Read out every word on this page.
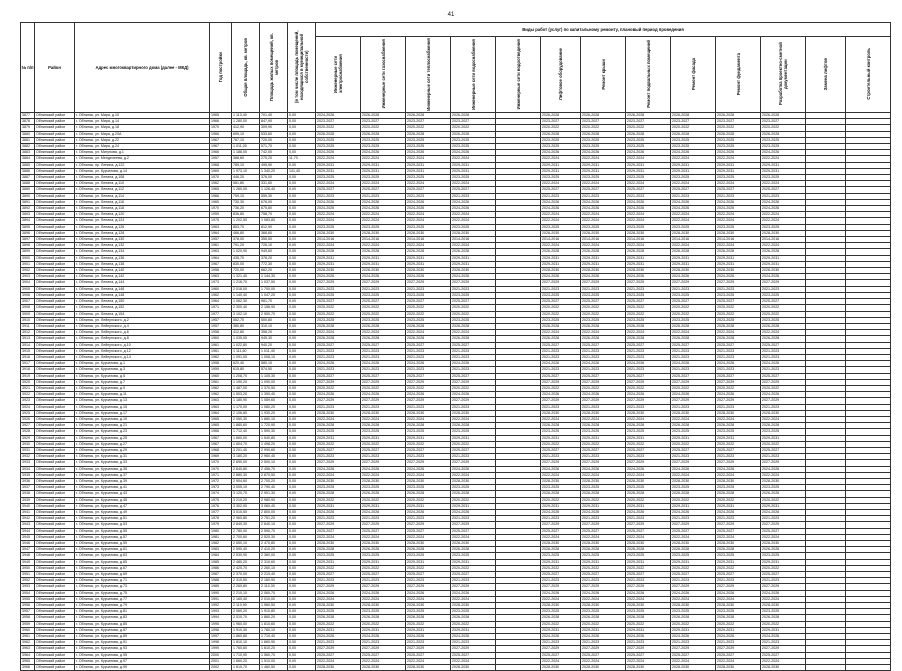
41
№ п/п	Район	Адрес многоквартирного дома (далее - МКД)	Год постройки	Общая площадь, кв. метров	Площадь жилых помещений, кв. метров	(в том числе площадь помещений, находящихся в муниципальной собственности)	Виды работ (услуг) по капитальному ремонту, плановый период проведения												
							Инженерные сети электроснабжения	Инженерные сети газоснабжения	Инженерные сети теплоснабжения	Инженерные сети водоснабжения	Инженерные сети водоотведения	Лифтовое оборудование	Ремонт крыши	Ремонт подвальных помещений	Ремонт фасада	Ремонт фундамента	Разработка проектно-сметной документации	Замена лифтов	Строительный контроль
3877	Обнинский район	г. Обнинск, ул. Мира, д.10	1965	1 113,40	701,40	0,00	2024-2026	2026-2028	2026-2028	2026-2028		2026-2028	2026-2028	2026-2028	2026-2028	2026-2028	2026-2028		
3878	Обнинский район	г. Обнинск, ул. Мира, д.14	1966	1 280,00	847,90	0,00	2023-2027	2023-2027	2023-2027	2023-2027		2023-2027	2023-2027	2023-2027	2023-2027	2023-2027	2023-2027		
3879	Обнинский район	г. Обнинск, ул. Мира, д.18	1970	412,90	309,90	0,00	2020-2022	2020-2022	2020-2022	2020-2022		2020-2022	2020-2022	2020-2022	2020-2022	2020-2022	2020-2022		
3880	Обнинский район	г. Обнинск, ул. Мира, д.20А	1966	695,10	533,60	0,00	2026-2028	2026-2028	2026-2028	2026-2028		2026-2028	2026-2028	2026-2028	2026-2028	2026-2028	2026-2028		
3881	Обнинский район	г. Обнинск, ул. Мира, д.22	1967	767,10	720,00	0,00	2023-2025	2023-2025	2023-2025	2023-2025		2023-2025	2023-2025	2023-2025	2023-2025	2023-2025	2023-2025		
3882	Обнинский район	г. Обнинск, ул. Мира, д.24	1967	1 011,00	571,70	0,00	2023-2025	2023-2025	2023-2025	2023-2025		2023-2025	2023-2025	2023-2025	2023-2025	2023-2025	2023-2025		
3883	Обнинский район	г. Обнинск, ул. Мигунова, д.1	1966	1 188,00	742,00	0,00	2024-2026	2024-2026	2024-2026	2024-2026		2024-2026	2024-2026	2024-2026	2024-2026	2024-2026	2024-2026		
3884	Обнинский район	г. Обнинск, ул. Менделеева, д.2	1957	388,60	275,20	11,70	2022-2024	2022-2024	2022-2024	2022-2024		2022-2024	2022-2024	2022-2024	2022-2024	2022-2024	2022-2024		
3885	Обнинский район	г. Обнинск, пр. Ленина, д.122	1968	789,10	495,90	0,00	2029-2031	2029-2031	2029-2031	2029-2031		2029-2031	2029-2031	2029-2031	2029-2031	2029-2031	2029-2031		
3886	Обнинский район	г. Обнинск, ул. Курчатова, д.14	1969	1 973,10	1 340,20	141,40	2029-2031	2029-2031	2029-2031	2029-2031		2029-2031	2029-2031	2029-2031	2029-2031	2029-2031	2029-2031		
3887	Обнинский район	г. Обнинск, ул. Ленина, д.108	1970	446,20	376,00	0,00	2023-2025	2023-2025	2023-2025	2023-2025		2023-2025	2023-2025	2023-2025	2023-2025	2023-2025	2023-2025		
3888	Обнинский район	г. Обнинск, ул. Ленина, д.110	1962	581,80	331,60	0,00	2022-2024	2022-2024	2022-2024	2022-2024		2022-2024	2022-2024	2022-2024	2022-2024	2022-2024	2022-2024		
3889	Обнинский район	г. Обнинск, ул. Ленина, д.112	1965	1 260,00	1 126,40	0,00	2025-2027	2025-2027	2025-2027	2025-2027		2025-2027	2025-2027	2025-2027	2025-2027	2025-2027	2025-2027		
3890	Обнинский район	г. Обнинск, ул. Ленина, д.114	1966	759,10	559,30	0,00	2021-2023	2021-2023	2021-2023	2021-2023		2021-2023	2021-2023	2021-2023	2021-2023	2021-2023	2021-2023		
3891	Обнинский район	г. Обнинск, ул. Ленина, д.116	1965	730,30	676,00	0,00	2024-2026	2024-2026	2024-2026	2024-2026		2024-2026	2024-2026	2024-2026	2024-2026	2024-2026	2024-2026		
3892	Обнинский район	г. Обнинск, ул. Ленина, д.118	1970	736,20	675,80	0,00	2024-2026	2024-2026	2024-2026	2024-2026		2024-2026	2024-2026	2024-2026	2024-2026	2024-2026	2024-2026		
3893	Обнинский район	г. Обнинск, ул. Ленина, д.120	1959	836,80	758,70	0,00	2022-2024	2022-2024	2022-2024	2022-2024		2022-2024	2022-2024	2022-2024	2022-2024	2022-2024	2022-2024		
3894	Обнинский район	г. Обнинск, ул. Ленина, д.124	1975	1 202,50	1 083,80	0,00	2022-2024	2022-2024	2022-2024	2022-2024		2022-2024	2022-2024	2022-2024	2022-2024	2022-2024	2022-2024		
3895	Обнинский район	г. Обнинск, ул. Ленина, д.126	1963	853,70	812,90	0,00	2023-2025	2023-2025	2023-2025	2023-2025		2023-2025	2023-2025	2023-2025	2023-2025	2023-2025	2023-2025		
3896	Обнинский район	г. Обнинск, ул. Ленина, д.128	1964	466,80	368,60	0,00	2028-2030	2028-2030	2028-2030	2028-2030		2028-2030	2028-2030	2028-2030	2028-2030	2028-2030	2028-2030		
3897	Обнинский район	г. Обнинск, ул. Ленина, д.130	1957	378,00	355,50	0,00	2014-2016	2014-2016	2014-2016	2014-2016		2014-2016	2014-2016	2014-2016	2014-2016	2014-2016	2014-2016		
3898	Обнинский район	г. Обнинск, ул. Ленина, д.132	1961	791,20	726,10	0,00	2022-2024	2022-2024	2022-2024	2022-2024		2022-2024	2022-2024	2022-2024	2022-2024	2022-2024	2022-2024		
3899	Обнинский район	г. Обнинск, ул. Ленина, д.134	1963	1 020,90	949,60	0,00	2026-2028	2026-2028	2026-2028	2026-2028		2026-2028	2026-2028	2026-2028	2026-2028	2026-2028	2026-2028		
3900	Обнинский район	г. Обнинск, ул. Ленина, д.136	1964	435,70	378,20	0,00	2029-2031	2029-2031	2029-2031	2029-2031		2029-2031	2029-2031	2029-2031	2029-2031	2029-2031	2029-2031		
3901	Обнинский район	г. Обнинск, ул. Ленина, д.138	1967	830,00	772,30	0,00	2029-2031	2029-2031	2029-2031	2029-2031		2029-2031	2029-2031	2029-2031	2029-2031	2029-2031	2029-2031		
3902	Обнинский район	г. Обнинск, ул. Ленина, д.140	1958	720,00	662,20	0,00	2028-2030	2028-2030	2028-2030	2028-2030		2028-2030	2028-2030	2028-2030	2028-2030	2028-2030	2028-2030		
3903	Обнинский район	г. Обнинск, ул. Ленина, д.142	1963	1 321,40	1 144,30	0,00	2024-2026	2024-2026	2024-2026	2024-2026		2024-2026	2024-2026	2024-2026	2024-2026	2024-2026	2024-2026		
3904	Обнинский район	г. Обнинск, ул. Ленина, д.144	1973	1 216,70	1 037,50	0,00	2027-2029	2027-2029	2027-2029	2027-2029		2027-2029	2027-2029	2027-2029	2027-2029	2027-2029	2027-2029		
3905	Обнинский район	г. Обнинск, ул. Ленина, д.146	1960	2 018,00	1 700,00	0,00	2021-2023	2021-2023	2021-2023	2021-2023		2021-2023	2021-2023	2021-2023	2021-2023	2021-2023	2021-2023		
3906	Обнинский район	г. Обнинск, ул. Ленина, д.148	1962	1 140,40	1 047,20	0,00	2023-2025	2023-2025	2023-2025	2023-2025		2023-2025	2023-2025	2023-2025	2023-2025	2023-2025	2023-2025		
3907	Обнинский район	г. Обнинск, ул. Ленина, д.150	1964	1 062,30	981,70	0,00	2025-2027	2025-2027	2025-2027	2025-2027		2025-2027	2025-2027	2025-2027	2025-2027	2025-2027	2025-2027		
3908	Обнинский район	г. Обнинск, ул. Ленина, д.152	1971	2 300,40	2 156,90	0,00	2020-2022	2020-2022	2020-2022	2020-2022		2020-2022	2020-2022	2020-2022	2020-2022	2020-2022	2020-2022		
3909	Обнинский район	г. Обнинск, ул. Ленина, д.154	1977	3 102,10	2 900,70	0,00	2020-2022	2020-2022	2020-2022	2020-2022		2020-2022	2020-2022	2020-2022	2020-2022	2020-2022	2020-2022		
3910	Обнинский район	г. Обнинск, ул. Лейпунского, д.2	1957	552,70	500,80	0,00	2023-2025	2023-2025	2023-2025	2023-2025		2023-2025	2023-2025	2023-2025	2023-2025	2023-2025	2023-2025		
3911	Обнинский район	г. Обнинск, ул. Лейпунского, д.4	1957	380,80	310,10	0,00	2026-2028	2026-2028	2026-2028	2026-2028		2026-2028	2026-2028	2026-2028	2026-2028	2026-2028	2026-2028		
3912	Обнинский район	г. Обнинск, ул. Лейпунского, д.6	1958	412,80	358,20	0,00	2022-2024	2022-2024	2022-2024	2022-2024		2022-2024	2022-2024	2022-2024	2022-2024	2022-2024	2022-2024		
3913	Обнинский район	г. Обнинск, ул. Лейпунского, д.8	1960	1 035,00	945,30	0,00	2026-2028	2026-2028	2026-2028	2026-2028		2026-2028	2026-2028	2026-2028	2026-2028	2026-2028	2026-2028		
3914	Обнинский район	г. Обнинск, ул. Лейпунского, д.10	1961	1 022,80	940,20	0,00	2025-2027	2025-2027	2025-2027	2025-2027		2025-2027	2025-2027	2025-2027	2025-2027	2025-2027	2025-2027		
3915	Обнинский район	г. Обнинск, ул. Лейпунского, д.12	1961	1 111,60	1 011,40	0,00	2021-2023	2021-2023	2021-2023	2021-2023		2021-2023	2021-2023	2021-2023	2021-2023	2021-2023	2021-2023		
3916	Обнинский район	г. Обнинск, ул. Лейпунского, д.14	1962	1 091,00	1 008,10	0,00	2021-2023	2021-2023	2021-2023	2021-2023		2021-2023	2021-2023	2021-2023	2021-2023	2021-2023	2021-2023		
3917	Обнинский район	г. Обнинск, ул. Курчатова, д.1	1958	620,40	580,10	0,00	2024-2026	2024-2026	2024-2026	2024-2026		2024-2026	2024-2026	2024-2026	2024-2026	2024-2026	2024-2026		
3918	Обнинский район	г. Обнинск, ул. Курчатова, д.3	1959	615,80	574,50	0,00	2021-2023	2021-2023	2021-2023	2021-2023		2021-2023	2021-2023	2021-2023	2021-2023	2021-2023	2021-2023		
3919	Обнинский район	г. Обнинск, ул. Курчатова, д.5	1960	1 208,70	1 105,30	0,00	2025-2027	2025-2027	2025-2027	2025-2027		2025-2027	2025-2027	2025-2027	2025-2027	2025-2027	2025-2027		
3920	Обнинский район	г. Обнинск, ул. Курчатова, д.7	1961	1 190,20	1 090,00	0,00	2027-2029	2027-2029	2027-2029	2027-2029		2027-2029	2027-2029	2027-2029	2027-2029	2027-2029	2027-2029		
3921	Обнинский район	г. Обнинск, ул. Курчатова, д.9	1962	1 487,00	1 370,50	0,00	2020-2022	2020-2022	2020-2022	2020-2022		2020-2022	2020-2022	2020-2022	2020-2022	2020-2022	2020-2022		
3922	Обнинский район	г. Обнинск, ул. Курчатова, д.11	1962	1 503,20	1 390,40	0,00	2024-2026	2024-2026	2024-2026	2024-2026		2024-2026	2024-2026	2024-2026	2024-2026	2024-2026	2024-2026		
3923	Обнинский район	г. Обнинск, ул. Курчатова, д.13	1963	1 180,90	1 089,60	0,00	2027-2029	2027-2029	2027-2029	2027-2029		2027-2029	2027-2029	2027-2029	2027-2029	2027-2029	2027-2029		
3924	Обнинский район	г. Обнинск, ул. Курчатова, д.15	1963	1 170,00	1 080,20	0,00	2021-2023	2021-2023	2021-2023	2021-2023		2021-2023	2021-2023	2021-2023	2021-2023	2021-2023	2021-2023		
3925	Обнинский район	г. Обнинск, ул. Курчатова, д.17	1964	2 106,80	1 930,20	0,00	2028-2030	2028-2030	2028-2030	2028-2030		2028-2030	2028-2030	2028-2030	2028-2030	2028-2030	2028-2030		
3926	Обнинский район	г. Обнинск, ул. Курчатова, д.19	1965	2 050,30	1 880,10	0,00	2022-2024	2022-2024	2022-2024	2022-2024		2022-2024	2022-2024	2022-2024	2022-2024	2022-2024	2022-2024		
3927	Обнинский район	г. Обнинск, ул. Курчатова, д.21	1965	1 880,60	1 720,90	0,00	2026-2028	2026-2028	2026-2028	2026-2028		2026-2028	2026-2028	2026-2028	2026-2028	2026-2028	2026-2028		
3928	Обнинский район	г. Обнинск, ул. Курчатова, д.23	1966	1 712,40	1 590,30	0,00	2023-2025	2023-2025	2023-2025	2023-2025		2023-2025	2023-2025	2023-2025	2023-2025	2023-2025	2023-2025		
3929	Обнинский район	г. Обнинск, ул. Курчатова, д.25	1967	1 660,00	1 540,80	0,00	2029-2031	2029-2031	2029-2031	2029-2031		2029-2031	2029-2031	2029-2031	2029-2031	2029-2031	2029-2031		
3930	Обнинский район	г. Обнинск, ул. Курчатова, д.27	1967	1 604,70	1 498,20	0,00	2020-2022	2020-2022	2020-2022	2020-2022		2020-2022	2020-2022	2020-2022	2020-2022	2020-2022	2020-2022		
3931	Обнинский район	г. Обнинск, ул. Курчатова, д.29	1968	3 201,40	2 990,60	0,00	2025-2027	2025-2027	2025-2027	2025-2027		2025-2027	2025-2027	2025-2027	2025-2027	2025-2027	2025-2027		
3932	Обнинский район	г. Обнинск, ул. Курчатова, д.31	1969	3 180,20	2 960,40	0,00	2021-2023	2021-2023	2021-2023	2021-2023		2021-2023	2021-2023	2021-2023	2021-2023	2021-2023	2021-2023		
3933	Обнинский район	г. Обнинск, ул. Курчатова, д.33	1970	2 690,00	2 500,10	0,00	2027-2029	2027-2029	2027-2029	2027-2029		2027-2029	2027-2029	2027-2029	2027-2029	2027-2029	2027-2029		
3934	Обнинский район	г. Обнинск, ул. Курчатова, д.35	1970	2 640,80	2 456,70	0,00	2024-2026	2024-2026	2024-2026	2024-2026		2024-2026	2024-2026	2024-2026	2024-2026	2024-2026	2024-2026		
3935	Обнинский район	г. Обнинск, ул. Курчатова, д.37	1971	2 880,30	2 670,50	0,00	2022-2024	2022-2024	2022-2024	2022-2024		2022-2024	2022-2024	2022-2024	2022-2024	2022-2024	2022-2024		
3936	Обнинский район	г. Обнинск, ул. Курчатова, д.39	1972	2 904,60	2 700,20	0,00	2028-2030	2028-2030	2028-2030	2028-2030		2028-2030	2028-2030	2028-2030	2028-2030	2028-2030	2028-2030		
3937	Обнинский район	г. Обнинск, ул. Курчатова, д.41	1973	3 005,10	2 790,40	0,00	2023-2025	2023-2025	2023-2025	2023-2025		2023-2025	2023-2025	2023-2025	2023-2025	2023-2025	2023-2025		
3938	Обнинский район	г. Обнинск, ул. Курчатова, д.43	1974	3 120,70	2 901,30	0,00	2026-2028	2026-2028	2026-2028	2026-2028		2026-2028	2026-2028	2026-2028	2026-2028	2026-2028	2026-2028		
3939	Обнинский район	г. Обнинск, ул. Курчатова, д.45	1975	3 210,20	2 980,90	0,00	2020-2022	2020-2022	2020-2022	2020-2022		2020-2022	2020-2022	2020-2022	2020-2022	2020-2022	2020-2022		
3940	Обнинский район	г. Обнинск, ул. Курчатова, д.47	1976	3 302,00	3 060,40	0,00	2029-2031	2029-2031	2029-2031	2029-2031		2029-2031	2029-2031	2029-2031	2029-2031	2029-2031	2029-2031		
3941	Обнинский район	г. Обнинск, ул. Курчатова, д.49	1977	3 010,50	2 800,00	0,00	2024-2026	2024-2026	2024-2026	2024-2026		2024-2026	2024-2026	2024-2026	2024-2026	2024-2026	2024-2026		
3942	Обнинский район	г. Обнинск, ул. Курчатова, д.51	1978	2 960,80	2 751,20	0,00	2021-2023	2021-2023	2021-2023	2021-2023		2021-2023	2021-2023	2021-2023	2021-2023	2021-2023	2021-2023		
3943	Обнинский район	г. Обнинск, ул. Курчатова, д.53	1979	2 840,30	2 640,10	0,00	2027-2029	2027-2029	2027-2029	2027-2029		2027-2029	2027-2029	2027-2029	2027-2029	2027-2029	2027-2029		
3944	Обнинский район	г. Обнинск, ул. Курчатова, д.55	1980	2 780,00	2 590,70	0,00	2025-2027	2025-2027	2025-2027	2025-2027		2025-2027	2025-2027	2025-2027	2025-2027	2025-2027	2025-2027		
3945	Обнинский район	г. Обнинск, ул. Курчатова, д.57	1981	2 700,60	2 520,30	0,00	2022-2024	2022-2024	2022-2024	2022-2024		2022-2024	2022-2024	2022-2024	2022-2024	2022-2024	2022-2024		
3946	Обнинский район	г. Обнинск, ул. Курчатова, д.59	1982	2 650,10	2 470,80	0,00	2028-2030	2028-2030	2028-2030	2028-2030		2028-2030	2028-2030	2028-2030	2028-2030	2028-2030	2028-2030		
3947	Обнинский район	г. Обнинск, ул. Курчатова, д.61	1983	2 590,40	2 410,20	0,00	2026-2028	2026-2028	2026-2028	2026-2028		2026-2028	2026-2028	2026-2028	2026-2028	2026-2028	2026-2028		
3948	Обнинский район	г. Обнинск, ул. Курчатова, д.63	1984	2 530,90	2 360,00	0,00	2023-2025	2023-2025	2023-2025	2023-2025		2023-2025	2023-2025	2023-2025	2023-2025	2023-2025	2023-2025		
3949	Обнинский район	г. Обнинск, ул. Курчатова, д.65	1985	2 480,20	2 310,60	0,00	2029-2031	2029-2031	2029-2031	2029-2031		2029-2031	2029-2031	2029-2031	2029-2031	2029-2031	2029-2031		
3950	Обнинский район	г. Обнинск, ул. Курчатова, д.67	1986	2 420,70	2 260,10	0,00	2020-2022	2020-2022	2020-2022	2020-2022		2020-2022	2020-2022	2020-2022	2020-2022	2020-2022	2020-2022		
3951	Обнинский район	г. Обнинск, ул. Курчатова, д.69	1987	2 370,00	2 210,40	0,00	2025-2027	2025-2027	2025-2027	2025-2027		2025-2027	2025-2027	2025-2027	2025-2027	2025-2027	2025-2027		
3952	Обнинский район	г. Обнинск, ул. Курчатова, д.71	1988	2 310,50	2 160,90	0,00	2021-2023	2021-2023	2021-2023	2021-2023		2021-2023	2021-2023	2021-2023	2021-2023	2021-2023	2021-2023		
3953	Обнинский район	г. Обнинск, ул. Курчатова, д.73	1989	2 260,80	2 110,30	0,00	2027-2029	2027-2029	2027-2029	2027-2029		2027-2029	2027-2029	2027-2029	2027-2029	2027-2029	2027-2029		
3954	Обнинский район	г. Обнинск, ул. Курчатова, д.75	1990	2 210,10	2 060,70	0,00	2024-2026	2024-2026	2024-2026	2024-2026		2024-2026	2024-2026	2024-2026	2024-2026	2024-2026	2024-2026		
3955	Обнинский район	г. Обнинск, ул. Курчатова, д.77	1991	2 160,40	2 010,00	0,00	2022-2024	2022-2024	2022-2024	2022-2024		2022-2024	2022-2024	2022-2024	2022-2024	2022-2024	2022-2024		
3956	Обнинский район	г. Обнинск, ул. Курчатова, д.79	1992	2 110,90	1 960,50	0,00	2028-2030	2028-2030	2028-2030	2028-2030		2028-2030	2028-2030	2028-2030	2028-2030	2028-2030	2028-2030		
3957	Обнинский район	г. Обнинск, ул. Курчатова, д.81	1993	2 060,20	1 910,80	0,00	2023-2025	2023-2025	2023-2025	2023-2025		2023-2025	2023-2025	2023-2025	2023-2025	2023-2025	2023-2025		
3958	Обнинский район	г. Обнинск, ул. Курчатова, д.83	1994	2 010,70	1 860,20	0,00	2026-2028	2026-2028	2026-2028	2026-2028		2026-2028	2026-2028	2026-2028	2026-2028	2026-2028	2026-2028		
3959	Обнинский район	г. Обнинск, ул. Курчатова, д.85	1995	1 960,00	1 810,60	0,00	2020-2022	2020-2022	2020-2022	2020-2022		2020-2022	2020-2022	2020-2022	2020-2022	2020-2022	2020-2022		
3960	Обнинский район	г. Обнинск, ул. Курчатова, д.87	1996	1 910,30	1 760,10	0,00	2029-2031	2029-2031	2029-2031	2029-2031		2029-2031	2029-2031	2029-2031	2029-2031	2029-2031	2029-2031		
3961	Обнинский район	г. Обнинск, ул. Курчатова, д.89	1997	1 860,80	1 710,40	0,00	2024-2026	2024-2026	2024-2026	2024-2026		2024-2026	2024-2026	2024-2026	2024-2026	2024-2026	2024-2026		
3962	Обнинский район	г. Обнинск, ул. Курчатова, д.91	1998	1 810,10	1 660,90	0,00	2021-2023	2021-2023	2021-2023	2021-2023		2021-2023	2021-2023	2021-2023	2021-2023	2021-2023	2021-2023		
3963	Обнинский район	г. Обнинск, ул. Курчатова, д.93	1999	1 760,60	1 610,20	0,00	2027-2029	2027-2029	2027-2029	2027-2029		2027-2029	2027-2029	2027-2029	2027-2029	2027-2029	2027-2029		
3964	Обнинский район	г. Обнинск, ул. Курчатова, д.95	2000	1 710,90	1 560,70	0,00	2025-2027	2025-2027	2025-2027	2025-2027		2025-2027	2025-2027	2025-2027	2025-2027	2025-2027	2025-2027		
3965	Обнинский район	г. Обнинск, ул. Курчатова, д.97	2001	1 660,20	1 510,00	0,00	2022-2024	2022-2024	2022-2024	2022-2024		2022-2024	2022-2024	2022-2024	2022-2024	2022-2024	2022-2024		
3966	Обнинский район	г. Обнинск, ул. Курчатова, д.99	2002	1 610,70	1 460,50	0,00	2028-2030	2028-2030	2028-2030	2028-2030		2028-2030	2028-2030	2028-2030	2028-2030	2028-2030	2028-2030		
